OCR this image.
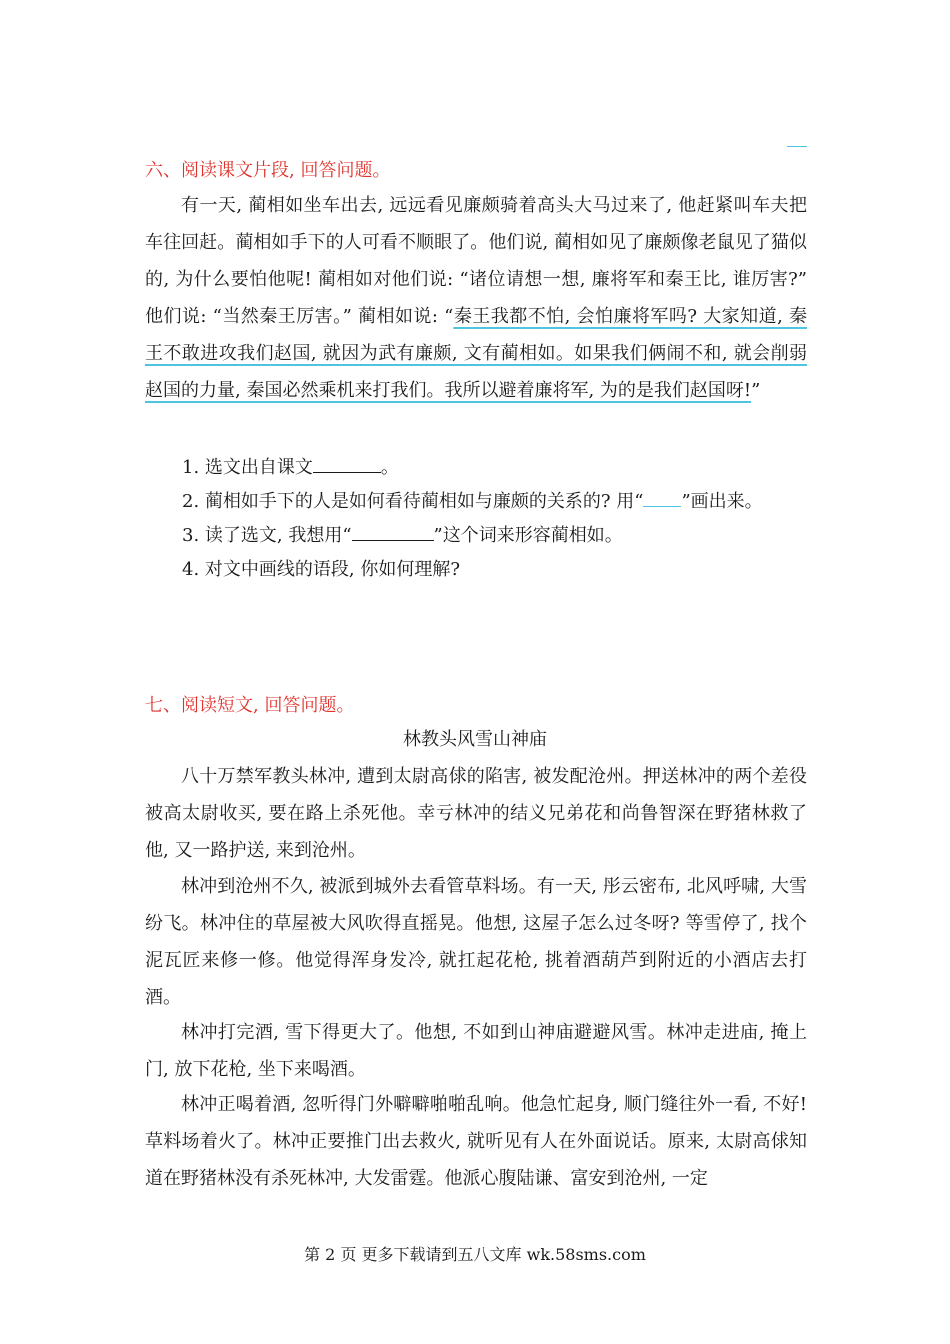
六、阅读课文片段, 回答问题。

有一天, 蔺相如坐车出去, 远远看见廉颇骑着高头大马过来了, 他赶紧叫车夫把车往回赶。蔺相如手下的人可看不顺眼了。他们说, 蔺相如见了廉颇像老鼠见了猫似的, 为什么要怕他呢! 蔺相如对他们说: “诸位请想一想, 廉将军和秦王比, 谁厉害?” 他们说: “当然秦王厉害。” 蔺相如说: “秦王我都不怕, 会怕廉将军吗? 大家知道, 秦王不敢进攻我们赵国, 就因为武有廉颇, 文有蔺相如。如果我们俩闹不和, 就会削弱赵国的力量, 秦国必然乘机来打我们。我所以避着廉将军, 为的是我们赵国呀!”

1. 选文出自课文	。

2. 蔺相如手下的人是如何看待蔺相如与廉颇的关系的? 用“ ”画出来。

3. 读了选文, 我想用“	”这个词来形容蔺相如。

4. 对文中画线的语段, 你如何理解?

七、阅读短文, 回答问题。
林教头风雪山神庙

八十万禁军教头林冲, 遭到太尉高俅的陷害, 被发配沧州。押送林冲的两个差役被高太尉收买, 要在路上杀死他。幸亏林冲的结义兄弟花和尚鲁智深在野猪林救了他, 又一路护送, 来到沧州。

林冲到沧州不久, 被派到城外去看管草料场。有一天, 彤云密布, 北风呼啸, 大雪纷飞。林冲住的草屋被大风吹得直摇晃。他想, 这屋子怎么过冬呀? 等雪停了, 找个泥瓦匠来修一修。他觉得浑身发冷, 就扛起花枪, 挑着酒葫芦到附近的小酒店去打酒。

林冲打完酒, 雪下得更大了。他想, 不如到山神庙避避风雪。林冲走进庙, 掩上门, 放下花枪, 坐下来喝酒。

林冲正喝着酒, 忽听得门外噼噼啪啪乱响。他急忙起身, 顺门缝往外一看, 不好! 草料场着火了。林冲正要推门出去救火, 就听见有人在外面说话。原来, 太尉高俅知道在野猪林没有杀死林冲, 大发雷霆。他派心腹陆谦、富安到沧州, 一定

第 2 页 更多下载请到五八文库 wk.58sms.com
